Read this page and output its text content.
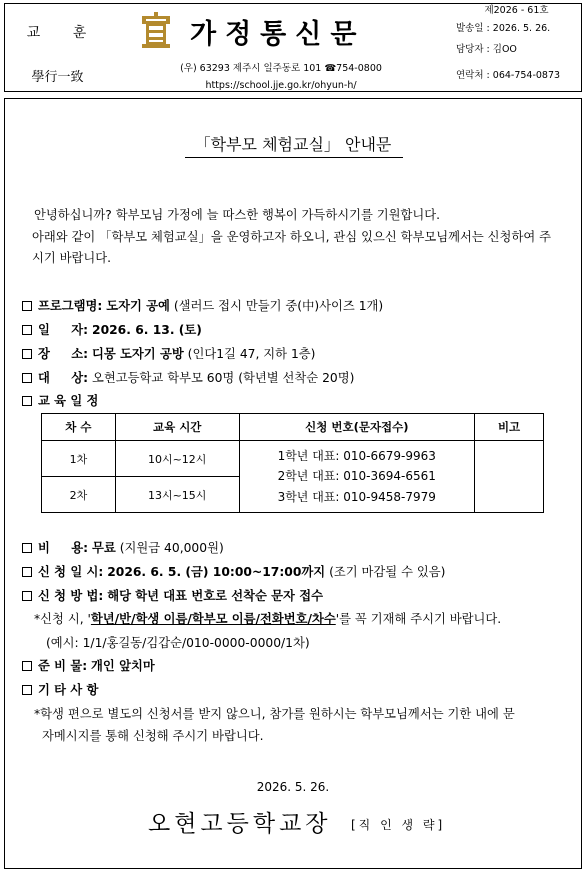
교 훈
學行一致
가정통신문
(우) 63293 제주시 일주동로 101 ☎754-0800
https://school.jje.go.kr/ohyun-h/
제2026 - 61호
발송일 : 2026. 5. 26.
담당자 : 김OO
연락처 : 064-754-0873
「학부모 체험교실」 안내문
안녕하십니까? 학부모님 가정에 늘 따스한 행복이 가득하시기를 기원합니다.
아래와 같이 「학부모 체험교실」을 운영하고자 하오니, 관심 있으신 학부모님께서는 신청하여 주
시기 바랍니다.
프로그램명: 도자기 공예 (샐러드 접시 만들기 중(中)사이즈 1개)
일     자: 2026. 6. 13. (토)
장     소: 디몽 도자기 공방 (인다1길 47, 지하 1층)
대     상: 오현고등학교 학부모 60명 (학년별 선착순 20명)
교 육 일 정
차 수	교육 시간	신청 번호(문자접수)	비고
1차	10시~12시	1학년 대표: 010-6679-9963
2학년 대표: 010-3694-6561
3학년 대표: 010-9458-7979	

2차	13시~15시		
비     용: 무료 (지원금 40,000원)
신 청 일 시: 2026. 6. 5. (금) 10:00~17:00까지 (조기 마감될 수 있음)
신 청 방 법: 해당 학년 대표 번호로 선착순 문자 접수
*신청 시, '학년/반/학생 이름/학부모 이름/전화번호/차수'를 꼭 기재해 주시기 바랍니다.
(예시: 1/1/홍길동/김갑순/010-0000-0000/1차)
준 비 물: 개인 앞치마
기 타 사 항
*학생 편으로 별도의 신청서를 받지 않으니, 참가를 원하시는 학부모님께서는 기한 내에 문
자메시지를 통해 신청해 주시기 바랍니다.
2026. 5. 26.
오현고등학교장 [직 인 생 략]
